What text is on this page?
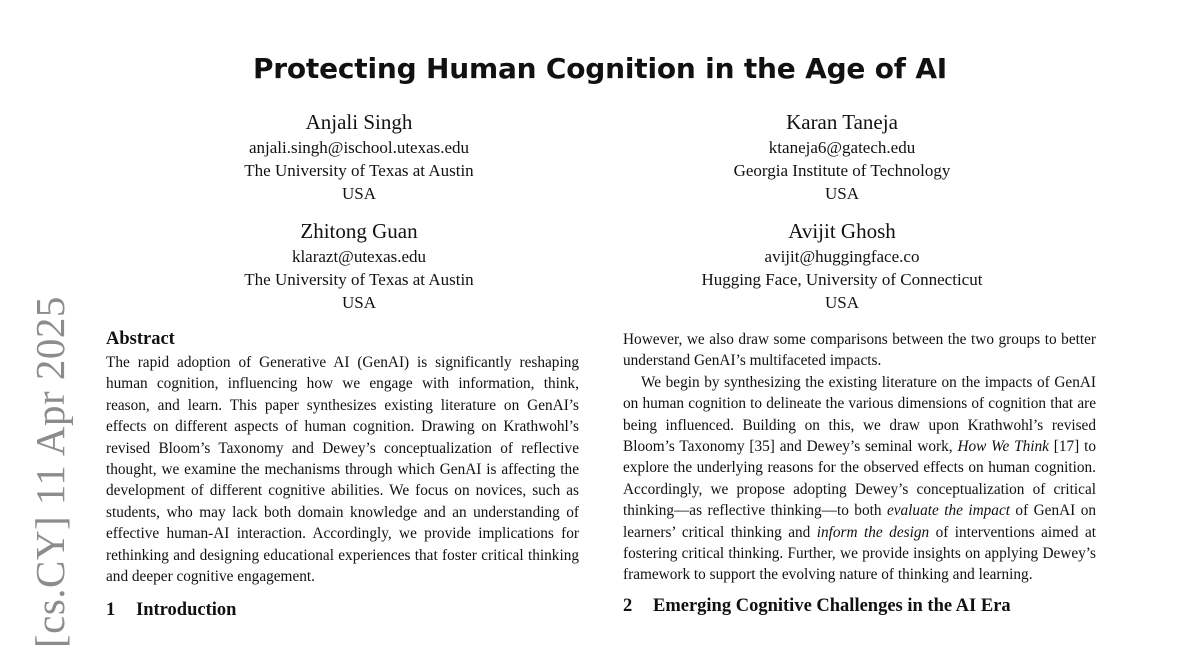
[cs.CY] 11 Apr 2025
Protecting Human Cognition in the Age of AI
Anjali Singh
anjali.singh@ischool.utexas.edu
The University of Texas at Austin
USA
Karan Taneja
ktaneja6@gatech.edu
Georgia Institute of Technology
USA
Zhitong Guan
klarazt@utexas.edu
The University of Texas at Austin
USA
Avijit Ghosh
avijit@huggingface.co
Hugging Face, University of Connecticut
USA
Abstract

The rapid adoption of Generative AI (GenAI) is significantly reshaping human cognition, influencing how we engage with information, think, reason, and learn. This paper synthesizes existing literature on GenAI’s effects on different aspects of human cognition. Drawing on Krathwohl’s revised Bloom’s Taxonomy and Dewey’s conceptualization of reflective thought, we examine the mechanisms through which GenAI is affecting the development of different cognitive abilities. We focus on novices, such as students, who may lack both domain knowledge and an understanding of effective human-AI interaction. Accordingly, we provide implications for rethinking and designing educational experiences that foster critical thinking and deeper cognitive engagement.

1 Introduction

However, we also draw some comparisons between the two groups to better understand GenAI’s multifaceted impacts.

We begin by synthesizing the existing literature on the impacts of GenAI on human cognition to delineate the various dimensions of cognition that are being influenced. Building on this, we draw upon Krathwohl’s revised Bloom’s Taxonomy [35] and Dewey’s seminal work, How We Think [17] to explore the underlying reasons for the observed effects on human cognition. Accordingly, we propose adopting Dewey’s conceptualization of critical thinking—as reflective thinking—to both evaluate the impact of GenAI on learners’ critical thinking and inform the design of interventions aimed at fostering critical thinking. Further, we provide insights on applying Dewey’s framework to support the evolving nature of thinking and learning.

2 Emerging Cognitive Challenges in the AI Era
